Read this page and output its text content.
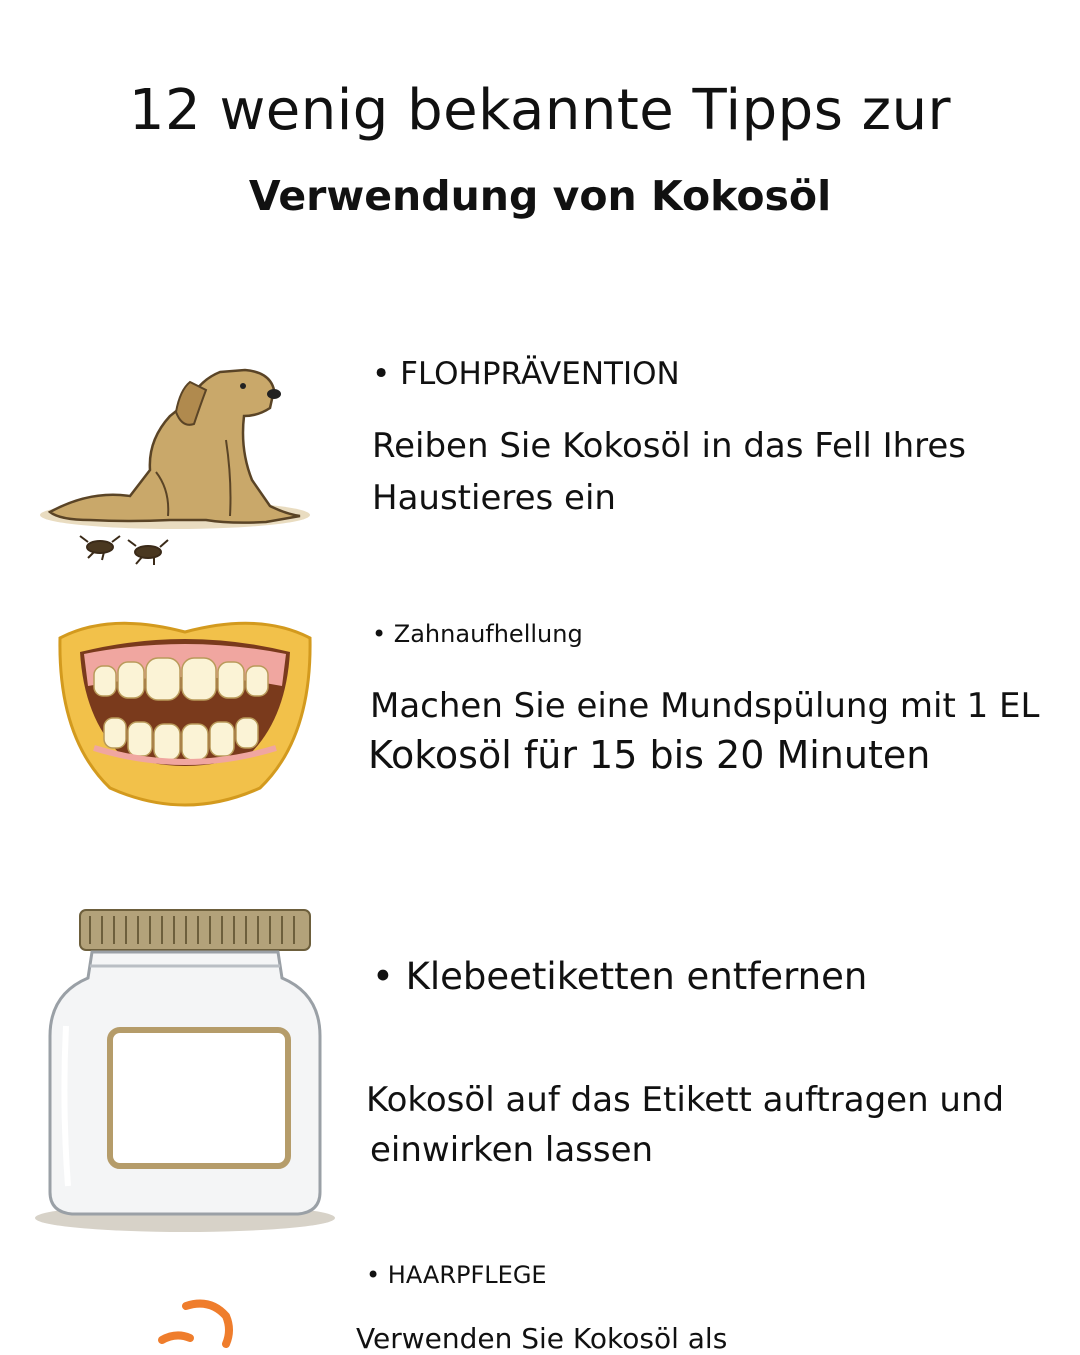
12 wenig bekannte Tipps zur
Verwendung von Kokosöl

• FLOHPRÄVENTION

Reiben Sie Kokosöl in das Fell Ihres

Haustieres ein

• Zahnaufhellung

Machen Sie eine Mundspülung mit 1 EL

Kokosöl für 15 bis 20 Minuten

• Klebeetiketten entfernen

Kokosöl auf das Etikett auftragen und

einwirken lassen

• HAARPFLEGE

Verwenden Sie Kokosöl als
